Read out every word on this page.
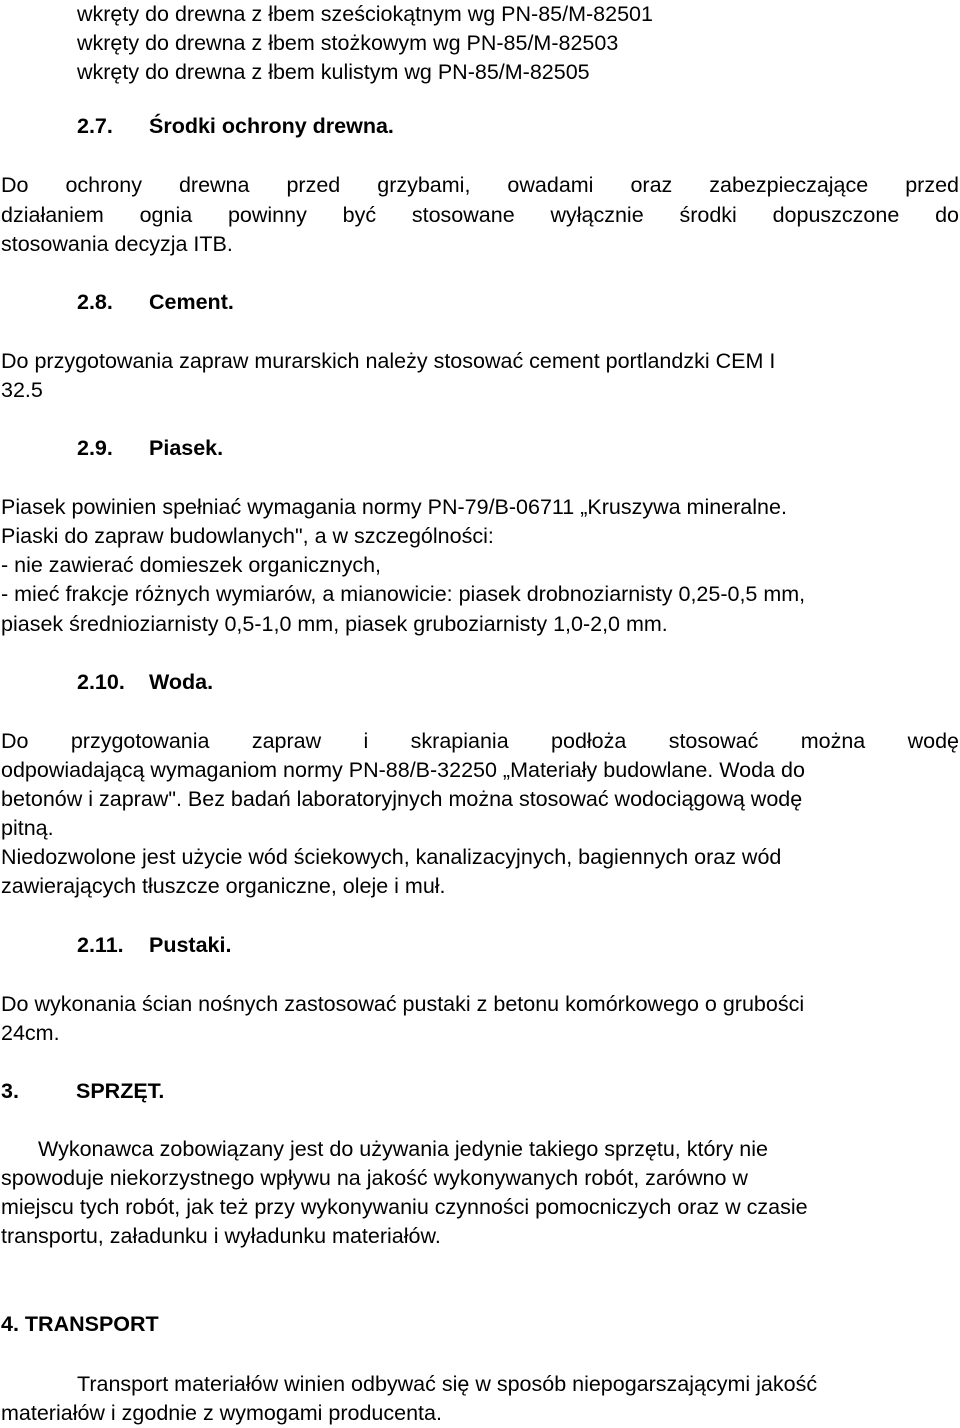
wkręty do drewna z łbem sześciokątnym wg PN-85/M-82501
wkręty do drewna z łbem stożkowym wg PN-85/M-82503
wkręty do drewna z łbem kulistym wg PN-85/M-82505
2.7. Środki ochrony drewna.
Do ochrony drewna przed grzybami, owadami oraz zabezpieczające przed
działaniem ognia powinny być stosowane wyłącznie środki dopuszczone do
stosowania decyzja ITB.
2.8. Cement.
Do przygotowania zapraw murarskich należy stosować cement portlandzki CEM I
32.5
2.9. Piasek.
Piasek powinien spełniać wymagania normy PN-79/B-06711 „Kruszywa mineralne.
Piaski do zapraw budowlanych", a w szczególności:
- nie zawierać domieszek organicznych,
- mieć frakcje różnych wymiarów, a mianowicie: piasek drobnoziarnisty 0,25-0,5 mm,
piasek średnioziarnisty 0,5-1,0 mm, piasek gruboziarnisty 1,0-2,0 mm.
2.10. Woda.
Do przygotowania zapraw i skrapiania podłoża stosować można wodę
odpowiadającą wymaganiom normy PN-88/B-32250 „Materiały budowlane. Woda do
betonów i zapraw". Bez badań laboratoryjnych można stosować wodociągową wodę
pitną.
Niedozwolone jest użycie wód ściekowych, kanalizacyjnych, bagiennych oraz wód
zawierających tłuszcze organiczne, oleje i muł.
2.11. Pustaki.
Do wykonania ścian nośnych zastosować pustaki z betonu komórkowego o grubości
24cm.
3.	SPRZĘT.
Wykonawca zobowiązany jest do używania jedynie takiego sprzętu, który nie
spowoduje niekorzystnego wpływu na jakość wykonywanych robót, zarówno w
miejscu tych robót, jak też przy wykonywaniu czynności pomocniczych oraz w czasie
transportu, załadunku i wyładunku materiałów.
4. TRANSPORT
Transport materiałów winien odbywać się w sposób niepogarszającymi jakość
materiałów i zgodnie z wymogami producenta.
